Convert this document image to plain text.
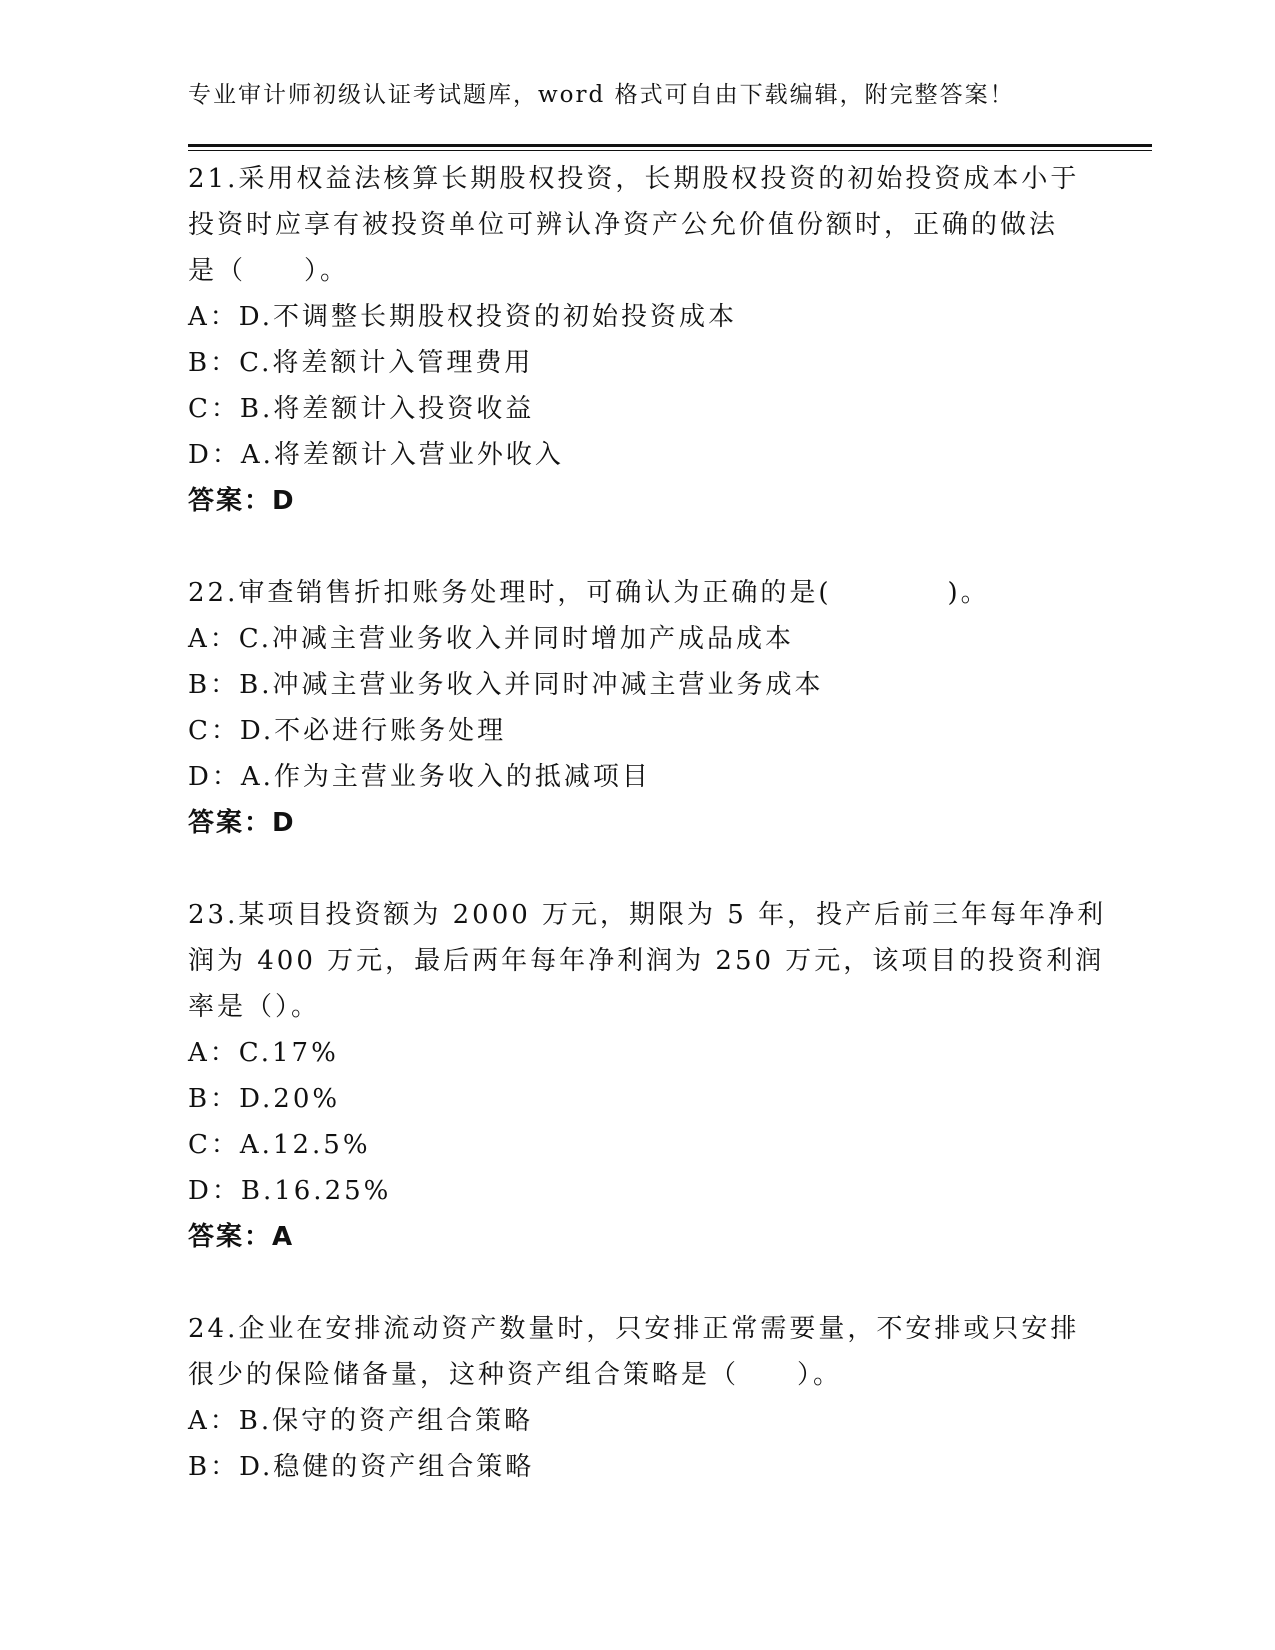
专业审计师初级认证考试题库，word 格式可自由下载编辑，附完整答案！
21.采用权益法核算长期股权投资，长期股权投资的初始投资成本小于
投资时应享有被投资单位可辨认净资产公允价值份额时，正确的做法
是（　　）。
A：D.不调整长期股权投资的初始投资成本
B：C.将差额计入管理费用
C：B.将差额计入投资收益
D：A.将差额计入营业外收入
答案：D
22.审查销售折扣账务处理时，可确认为正确的是(　　　　)。
A：C.冲减主营业务收入并同时增加产成品成本
B：B.冲减主营业务收入并同时冲减主营业务成本
C：D.不必进行账务处理
D：A.作为主营业务收入的抵减项目
答案：D
23.某项目投资额为 2000 万元，期限为 5 年，投产后前三年每年净利
润为 400 万元，最后两年每年净利润为 250 万元，该项目的投资利润
率是（）。
A：C.17%
B：D.20%
C：A.12.5%
D：B.16.25%
答案：A
24.企业在安排流动资产数量时，只安排正常需要量，不安排或只安排
很少的保险储备量，这种资产组合策略是（　　）。
A：B.保守的资产组合策略
B：D.稳健的资产组合策略
